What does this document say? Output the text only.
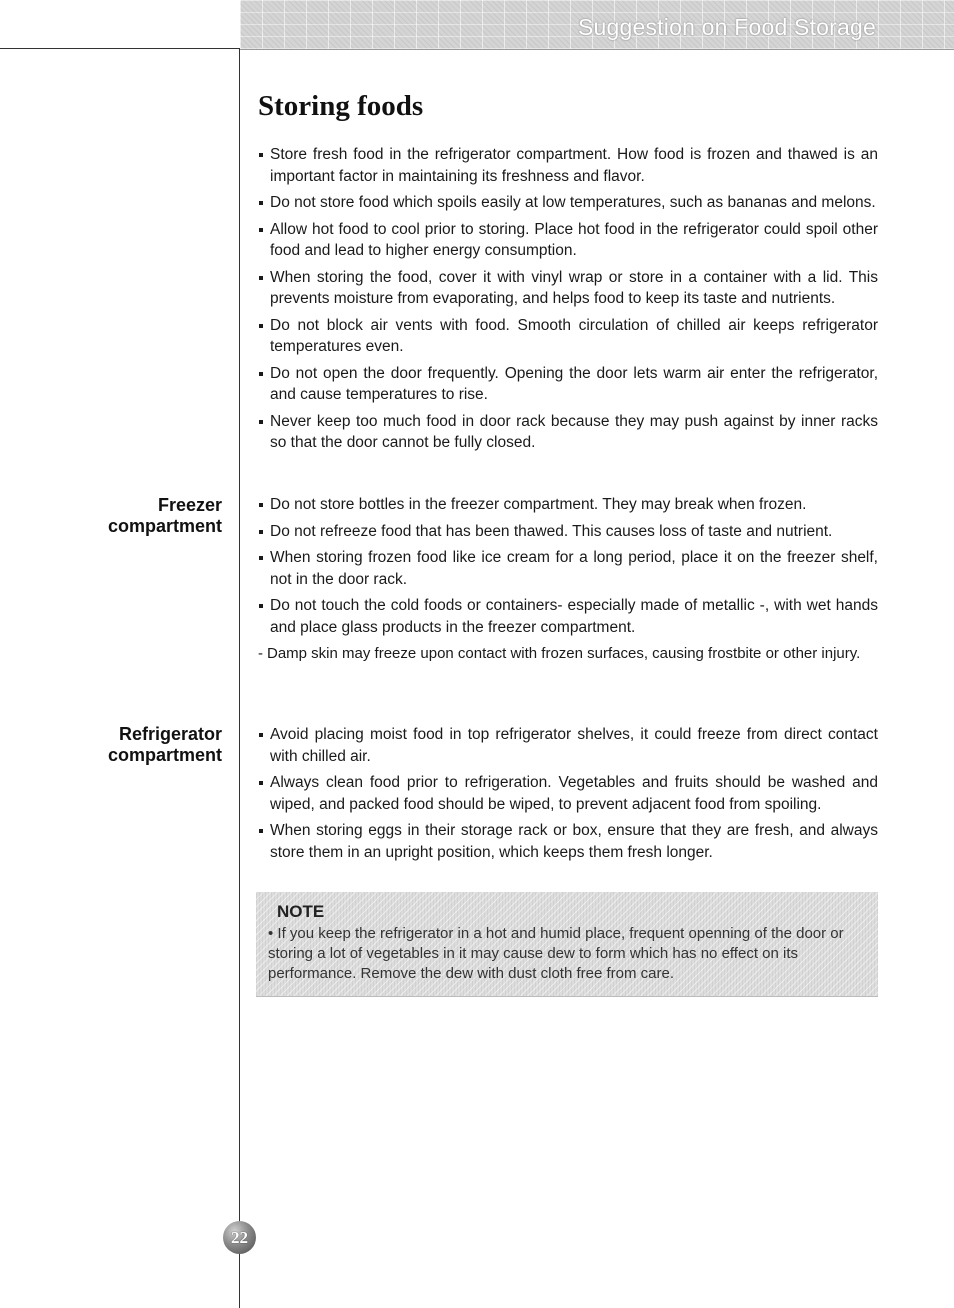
Suggestion on Food Storage
Storing foods
Store fresh food in the refrigerator compartment. How food is frozen and thawed is an important factor in maintaining its freshness and flavor.
Do not store food which spoils easily at low temperatures, such as bananas and melons.
Allow hot food to cool prior to storing. Place hot food in the refrigerator could spoil other food and lead to higher energy consumption.
When storing the food, cover it with vinyl wrap or store in a container with a lid. This prevents moisture from evaporating, and helps food to keep its taste and nutrients.
Do not block air vents with food. Smooth circulation of chilled air keeps refrigerator temperatures even.
Do not open the door frequently. Opening the door lets warm air enter the refrigerator, and cause temperatures to rise.
Never keep too much food in door rack because they may push against by inner racks so that the door cannot be fully closed.
Freezer
compartment
Do not store bottles in the freezer compartment. They may break when frozen.
Do not refreeze food that has been thawed. This causes loss of taste and nutrient.
When storing frozen food like ice cream for a long period, place it on the freezer shelf, not in the door rack.
Do not touch the cold foods or containers- especially made of metallic -, with wet hands and place glass products in the freezer compartment.
- Damp skin may freeze upon contact with frozen surfaces, causing frostbite or other injury.
Refrigerator
compartment
Avoid placing moist food in top refrigerator shelves, it could freeze from direct contact with chilled air.
Always clean food prior to refrigeration. Vegetables and fruits should be washed and wiped, and packed food should be wiped, to prevent adjacent food from spoiling.
When storing eggs in their storage rack or box, ensure that they are fresh, and always store them in an upright position, which keeps them fresh longer.
NOTE
• If you keep the refrigerator in a hot and humid place, frequent openning of the door or storing a lot of vegetables in it may cause dew to form which has no effect on its performance. Remove the dew with dust cloth free from care.
22
